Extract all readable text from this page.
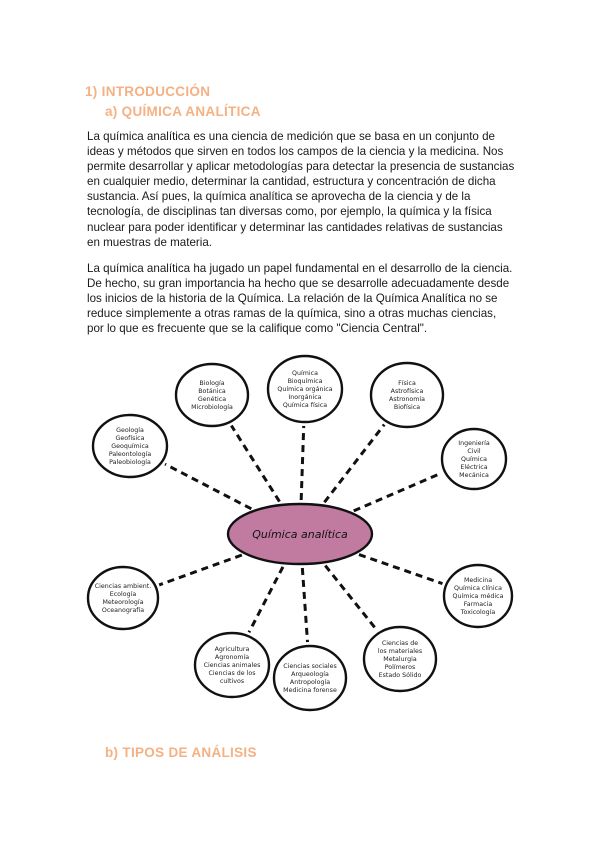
1) INTRODUCCIÓN
a) QUÍMICA ANALÍTICA

La química analítica es una ciencia de medición que se basa en un conjunto de ideas y métodos que sirven en todos los campos de la ciencia y la medicina. Nos permite desarrollar y aplicar metodologías para detectar la presencia de sustancias en cualquier medio, determinar la cantidad, estructura y concentración de dicha sustancia. Así pues, la química analítica se aprovecha de la ciencia y de la tecnología, de disciplinas tan diversas como, por ejemplo, la química y la física nuclear para poder identificar y determinar las cantidades relativas de sustancias en muestras de materia.

La química analítica ha jugado un papel fundamental en el desarrollo de la ciencia. De hecho, su gran importancia ha hecho que se desarrolle adecuadamente desde los inicios de la historia de la Química. La relación de la Química Analítica no se reduce simplemente a otras ramas de la química, sino a otras muchas ciencias, por lo que es frecuente que se la califique como "Ciencia Central".

Química analítica
Biología
Botánica
Genética
Microbiología
Química
Bioquímica
Química orgánica
Inorgánica
Química física
Física
Astrofísica
Astronomía
Biofísica
Ingeniería
Civil
Química
Eléctrica
Mecánica
Medicina
Química clínica
Química médica
Farmacia
Toxicología
Ciencias de
los materiales
Metalurgia
Polímeros
Estado Sólido
Ciencias sociales
Arqueología
Antropología
Medicina forense
Agricultura
Agronomía
Ciencias animales
Ciencias de los
cultivos
Ciencias ambient.
Ecología
Meteorología
Oceanografía
Geología
Geofísica
Geoquímica
Paleontología
Paleobiología
b) TIPOS DE ANÁLISIS
